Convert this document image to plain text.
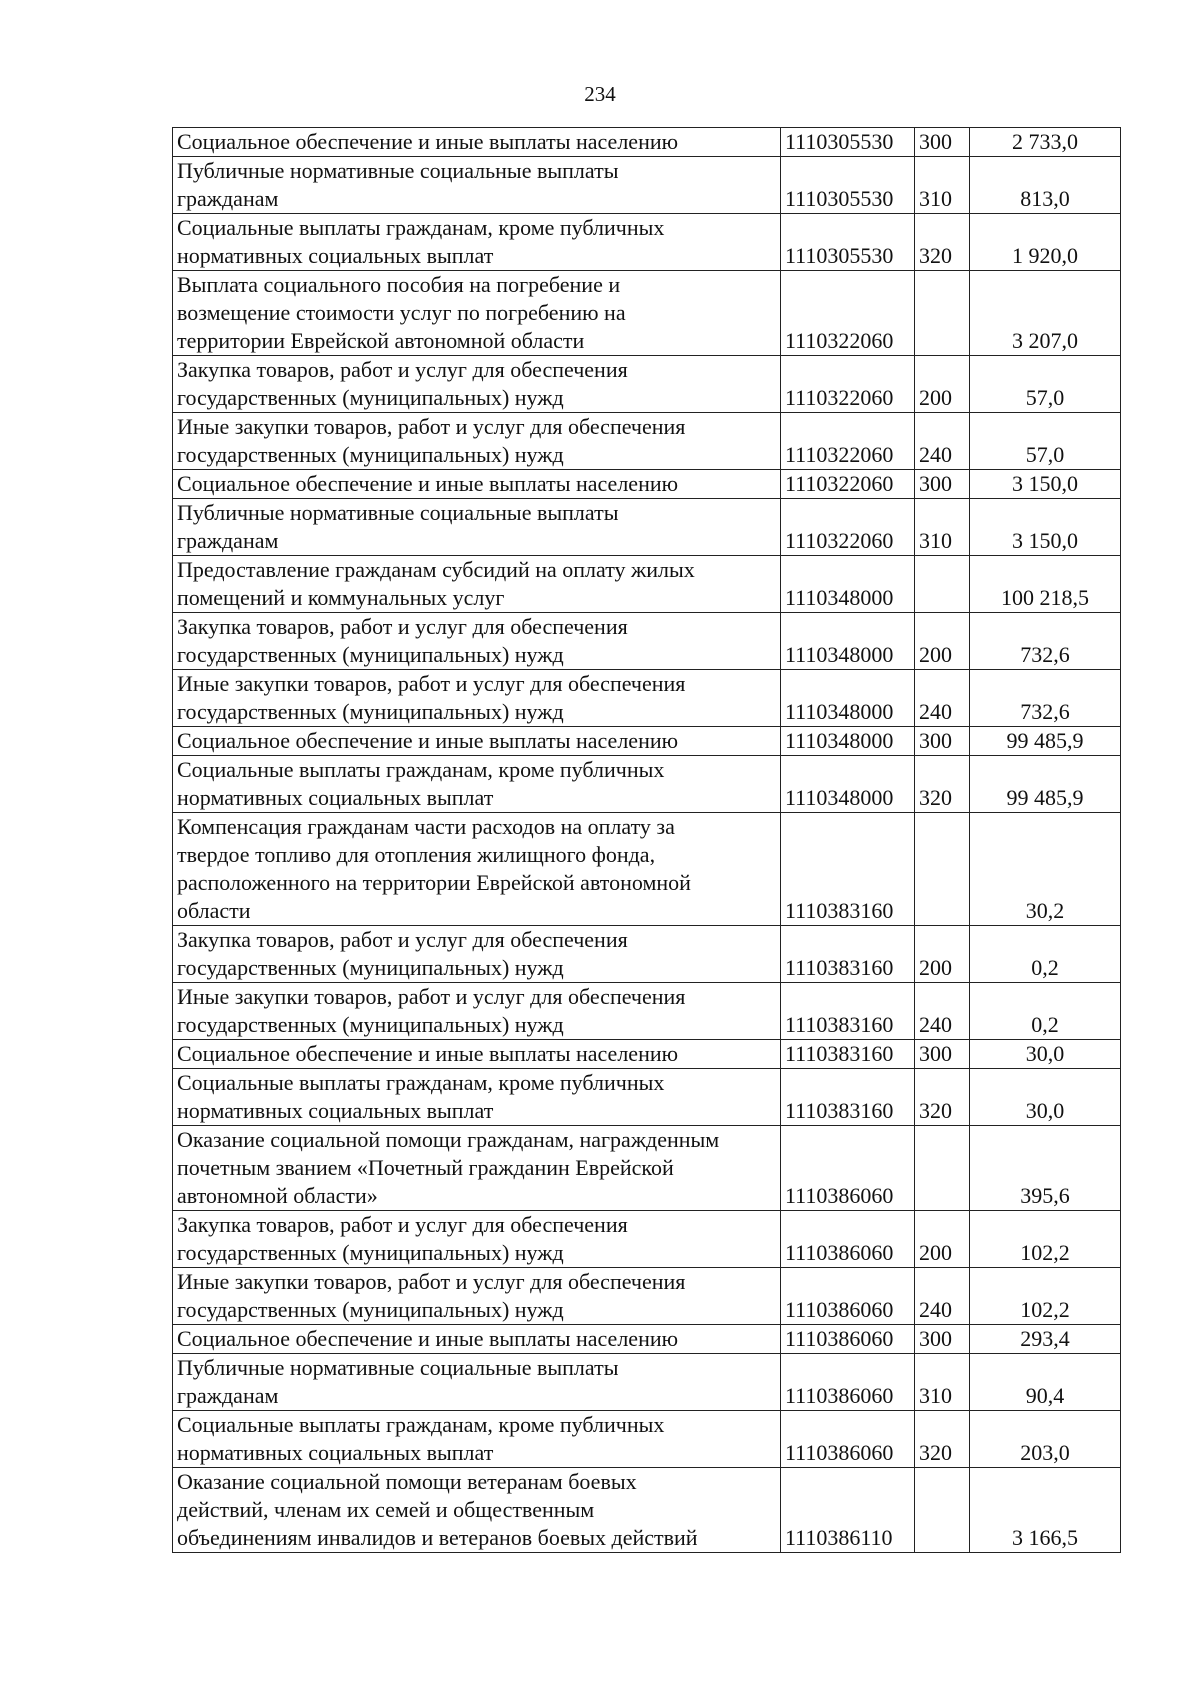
234
Социальное обеспечение и иные выплаты населению	1110305530	300	2 733,0
Публичные нормативные социальные выплаты
гражданам	1110305530	310	813,0
Социальные выплаты гражданам, кроме публичных
нормативных социальных выплат	1110305530	320	1 920,0
Выплата социального пособия на погребение и
возмещение стоимости услуг по погребению на
территории Еврейской автономной области	1110322060		3 207,0
Закупка товаров, работ и услуг для обеспечения
государственных (муниципальных) нужд	1110322060	200	57,0
Иные закупки товаров, работ и услуг для обеспечения
государственных (муниципальных) нужд	1110322060	240	57,0
Социальное обеспечение и иные выплаты населению	1110322060	300	3 150,0
Публичные нормативные социальные выплаты
гражданам	1110322060	310	3 150,0
Предоставление гражданам субсидий на оплату жилых
помещений и коммунальных услуг	1110348000		100 218,5
Закупка товаров, работ и услуг для обеспечения
государственных (муниципальных) нужд	1110348000	200	732,6
Иные закупки товаров, работ и услуг для обеспечения
государственных (муниципальных) нужд	1110348000	240	732,6
Социальное обеспечение и иные выплаты населению	1110348000	300	99 485,9
Социальные выплаты гражданам, кроме публичных
нормативных социальных выплат	1110348000	320	99 485,9
Компенсация гражданам части расходов на оплату за
твердое топливо для отопления жилищного фонда,
расположенного на территории Еврейской автономной
области	1110383160		30,2
Закупка товаров, работ и услуг для обеспечения
государственных (муниципальных) нужд	1110383160	200	0,2
Иные закупки товаров, работ и услуг для обеспечения
государственных (муниципальных) нужд	1110383160	240	0,2
Социальное обеспечение и иные выплаты населению	1110383160	300	30,0
Социальные выплаты гражданам, кроме публичных
нормативных социальных выплат	1110383160	320	30,0
Оказание социальной помощи гражданам, награжденным
почетным званием «Почетный гражданин Еврейской
автономной области»	1110386060		395,6
Закупка товаров, работ и услуг для обеспечения
государственных (муниципальных) нужд	1110386060	200	102,2
Иные закупки товаров, работ и услуг для обеспечения
государственных (муниципальных) нужд	1110386060	240	102,2
Социальное обеспечение и иные выплаты населению	1110386060	300	293,4
Публичные нормативные социальные выплаты
гражданам	1110386060	310	90,4
Социальные выплаты гражданам, кроме публичных
нормативных социальных выплат	1110386060	320	203,0
Оказание социальной помощи ветеранам боевых
действий, членам их семей и общественным
объединениям инвалидов и ветеранов боевых действий	1110386110		3 166,5
